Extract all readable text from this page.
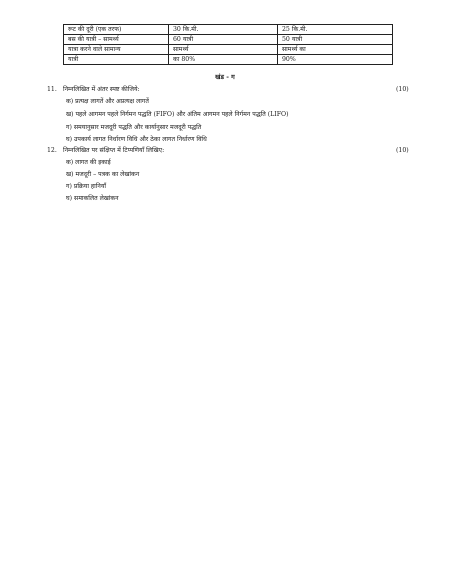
रूट की दूरी (एक तरफ)	30 कि.मी.	25 कि.मी.
बस की यात्री – सामर्थ्य	60 यात्री	50 यात्री
यात्रा करने वाले सामान्य	सामर्थ्य	सामर्थ्य का
यात्री	का 80%	90%
खंड - ग
11. निम्नलिखित में अंतर स्पष्ट कीजिये:	(10)
क) प्रत्यक्ष लागतें और अप्रत्यक्ष लागतें
ख) पहले आगमन पहले निर्गमन पद्धति (FIFO) और अंतिम आगमन पहले निर्गमन पद्धति (LIFO)
ग) समयानुसार मजदूरी पद्धति और कार्यानुसार मजदूरी पद्धति
घ) उपकार्य लागत निर्धारण विधि और ठेका लागत निर्धारण विधि
12. निम्नलिखित पर संक्षिप्त में टिप्पणियाँ लिखिए:	(10)
क) लागत की इकाई
ख) मजदूरी – पत्रक का लेखांकन
ग) प्रक्रिया हानियाँ
घ) समाकलित लेखांकन
